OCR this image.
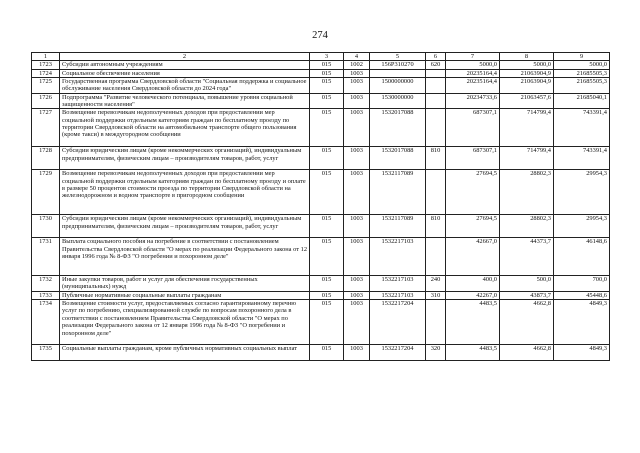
274
1	2	3	4	5	6	7	8	9
1723	Субсидии автономным учреждениям	015	1002	156Р310270	620	5000,0	5000,0	5000,0
1724	Социальное обеспечение населения	015	1003			20235164,4	21063904,9	21685505,3
1725	Государственная программа Свердловской области "Социальная поддержка и социальное обслуживание населения Свердловской области до 2024 года"	015	1003	1500000000		20235164,4	21063904,9	21685505,3
1726	Подпрограмма "Развитие человеческого потенциала, повышение уровня социальной защищенности населения"	015	1003	1530000000		20234733,6	21063457,6	21685040,1
1727	Возмещение перевозчикам недополученных доходов при предоставлении мер социальной поддержки отдельным категориям граждан по бесплатному проезду по территории Свердловской области на автомобильном транспорте общего пользования (кроме такси) в междугородном сообщении	015	1003	1532017088		687307,1	714799,4	743391,4
1728	Субсидии юридическим лицам (кроме некоммерческих организаций), индивидуальным предпринимателям, физическим лицам – производителям товаров, работ, услуг	015	1003	1532017088	810	687307,1	714799,4	743391,4
1729	Возмещение перевозчикам недополученных доходов при предоставлении мер социальной поддержки отдельным категориям граждан по бесплатному проезду и оплате в размере 50 процентов стоимости проезда по территории Свердловской области на железнодорожном и водном транспорте в пригородном сообщении	015	1003	1532117089		27694,5	28802,3	29954,3
1730	Субсидии юридическим лицам (кроме некоммерческих организаций), индивидуальным предпринимателям, физическим лицам – производителям товаров, работ, услуг	015	1003	1532117089	810	27694,5	28802,3	29954,3
1731	Выплата социального пособия на погребение в соответствии с постановлением Правительства Свердловской области "О мерах по реализации Федерального закона от 12 января 1996 года № 8-ФЗ "О погребении и похоронном деле"	015	1003	1532217103		42667,0	44373,7	46148,6
1732	Иные закупки товаров, работ и услуг для обеспечения государственных (муниципальных) нужд	015	1003	1532217103	240	400,0	500,0	700,0
1733	Публичные нормативные социальные выплаты гражданам	015	1003	1532217103	310	42267,0	43873,7	45448,6
1734	Возмещение стоимости услуг, предоставляемых согласно гарантированному перечню услуг по погребению, специализированной службе по вопросам похоронного дела в соответствии с постановлением Правительства Свердловской области "О мерах по реализации Федерального закона от 12 января 1996 года № 8-ФЗ "О погребении и похоронном деле"	015	1003	1532217204		4483,5	4662,8	4849,3
1735	Социальные выплаты гражданам, кроме публичных нормативных социальных выплат	015	1003	1532217204	320	4483,5	4662,8	4849,3
